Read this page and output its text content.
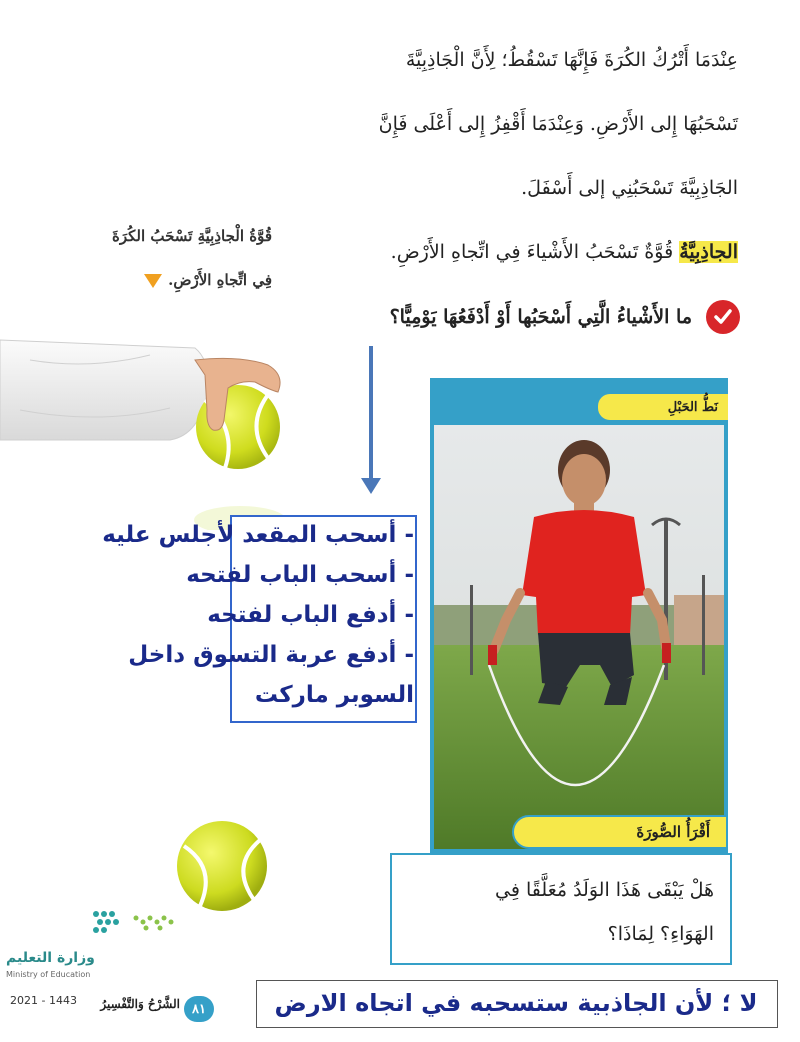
عِنْدَمَا أَتْرُكُ الكُرَةَ فَإِنَّهَا تَسْقُطُ؛ لِأَنَّ الْجَاذِبِيَّةَ
تَسْحَبُهَا إِلى الأَرْضِ. وَعِنْدَمَا أَقْفِزُ إِلى أَعْلَى فَإِنَّ
الجَاذِبِيَّةَ تَسْحَبُنِي إلى أَسْفَلَ.
الجاذِبِيَّةُ قُوَّةٌ تَسْحَبُ الأَشْياءَ فِي اتِّجاهِ الأَرْضِ.
قُوَّةُ الْجاذِبِيَّةِ تَسْحَبُ الكُرَةَ
فِي اتِّجاهِ الأَرْضِ.
ما الأَشْياءُ الَّتِي أَسْحَبُها أَوْ أَدْفَعُهَا يَوْمِيًّا؟
- أسحب المقعد لأجلس عليه
- أسحب الباب لفتحه
- أدفع الباب لفتحه
- أدفع عربة التسوق داخل
السوبر ماركت
نَطُّ الحَبْلِ
أَقْرَأُ الصُّورَةَ
هَلْ يَبْقَى هَذَا الوَلَدُ مُعَلَّقًا فِي
الهَوَاءِ؟ لِمَاذَا؟
لا ؛ لأن الجاذبية ستسحبه في اتجاه الارض
وزارة التعليم
Ministry of Education
2021 - 1443	الشَّرْحُ وَالتَّفْسِيرُ ٨١
